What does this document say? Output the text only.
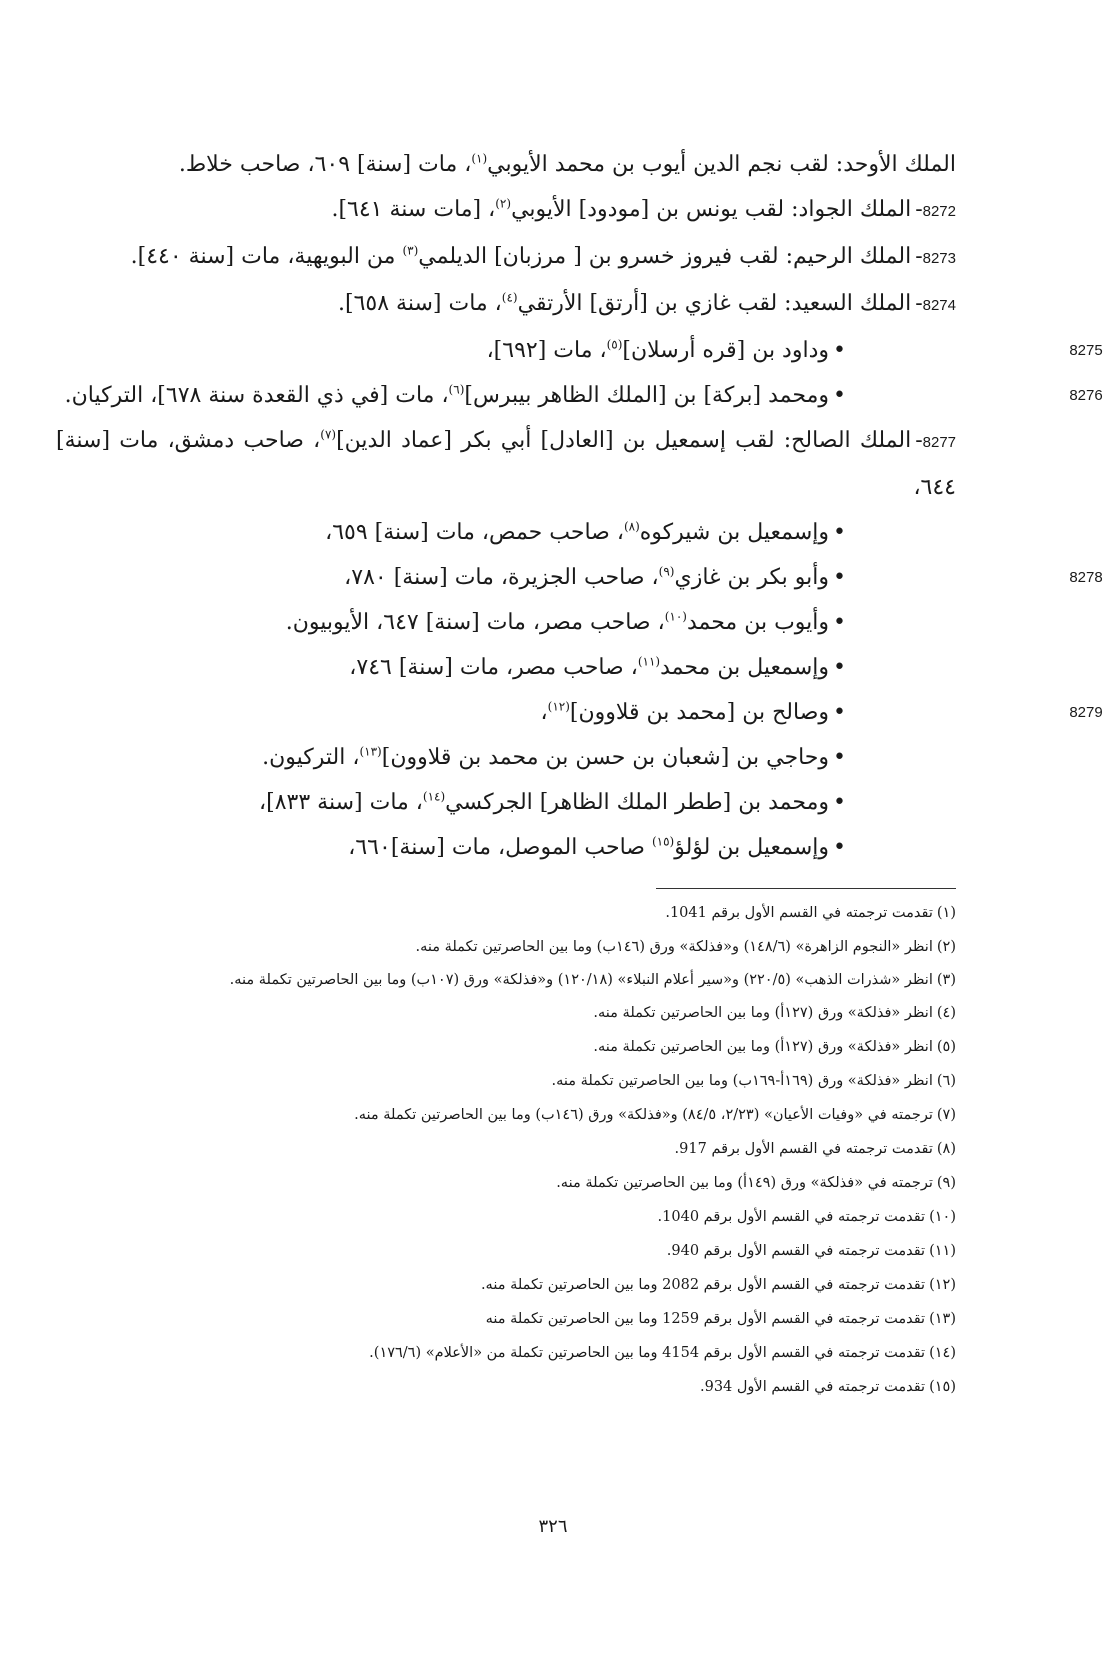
الملك الأوحد: لقب نجم الدين أيوب بن محمد الأيوبي$^{(١)}$، مات [سنة] ٦٠٩، صاحب خلاط.
8272-الملك الجواد: لقب يونس بن [مودود] الأيوبي$^{(٢)}$، [مات سنة ٦٤١].
8273-الملك الرحيم: لقب فيروز خسرو بن [ مرزبان] الديلمي$^{(٣)}$ من البويهية، مات [سنة ٤٤٠].
8274-الملك السعيد: لقب غازي بن [أرتق] الأرتقي$^{(٤)}$، مات [سنة ٦٥٨].
8275
•وداود بن [قره أرسلان]$^{(٥)}$، مات [٦٩٢]،
8276
•ومحمد [بركة] بن [الملك الظاهر بيبرس]$^{(٦)}$، مات [في ذي القعدة سنة ٦٧٨]، التركيان.
8277-الملك الصالح: لقب إسمعيل بن [العادل] أبي بكر [عماد الدين]$^{(٧)}$، صاحب دمشق، مات [سنة] ٦٤٤،
•وإسمعيل بن شيركوه$^{(٨)}$، صاحب حمص، مات [سنة] ٦٥٩،
8278
•وأبو بكر بن غازي$^{(٩)}$، صاحب الجزيرة، مات [سنة] ٧٨٠،
•وأيوب بن محمد$^{(١٠)}$، صاحب مصر، مات [سنة] ٦٤٧، الأيوبيون.
•وإسمعيل بن محمد$^{(١١)}$، صاحب مصر، مات [سنة] ٧٤٦،
8279
•وصالح بن [محمد بن قلاوون]$^{(١٢)}$،
•وحاجي بن [شعبان بن حسن بن محمد بن قلاوون]$^{(١٣)}$، التركيون.
•ومحمد بن [ططر الملك الظاهر] الجركسي$^{(١٤)}$، مات [سنة ٨٣٣]،
•وإسمعيل بن لؤلؤ$^{(١٥)}$ صاحب الموصل، مات [سنة]٦٦٠،
(١)تقدمت ترجمته في القسم الأول برقم 1041.
(٢)انظر «النجوم الزاهرة» (١٤٨/٦) و«فذلكة» ورق (١٤٦ب) وما بين الحاصرتين تكملة منه.
(٣)انظر «شذرات الذهب» (٢٢٠/٥) و«سير أعلام النبلاء» (١٢٠/١٨) و«فذلكة» ورق (١٠٧ب) وما بين الحاصرتين تكملة منه.
(٤)انظر «فذلكة» ورق (١٢٧أ) وما بين الحاصرتين تكملة منه.
(٥)انظر «فذلكة» ورق (١٢٧أ) وما بين الحاصرتين تكملة منه.
(٦)انظر «فذلكة» ورق (١٦٩أ-١٦٩ب) وما بين الحاصرتين تكملة منه.
(٧)ترجمته في «وفيات الأعيان» (٢/٢٣، ٨٤/٥) و«فذلكة» ورق (١٤٦ب) وما بين الحاصرتين تكملة منه.
(٨)تقدمت ترجمته في القسم الأول برقم 917.
(٩)ترجمته في «فذلكة» ورق (١٤٩أ) وما بين الحاصرتين تكملة منه.
(١٠)تقدمت ترجمته في القسم الأول برقم 1040.
(١١)تقدمت ترجمته في القسم الأول برقم 940.
(١٢)تقدمت ترجمته في القسم الأول برقم 2082 وما بين الحاصرتين تكملة منه.
(١٣)تقدمت ترجمته في القسم الأول برقم 1259 وما بين الحاصرتين تكملة منه
(١٤)تقدمت ترجمته في القسم الأول برقم 4154 وما بين الحاصرتين تكملة من «الأعلام» (١٧٦/٦).
(١٥)تقدمت ترجمته في القسم الأول 934.
٣٢٦
